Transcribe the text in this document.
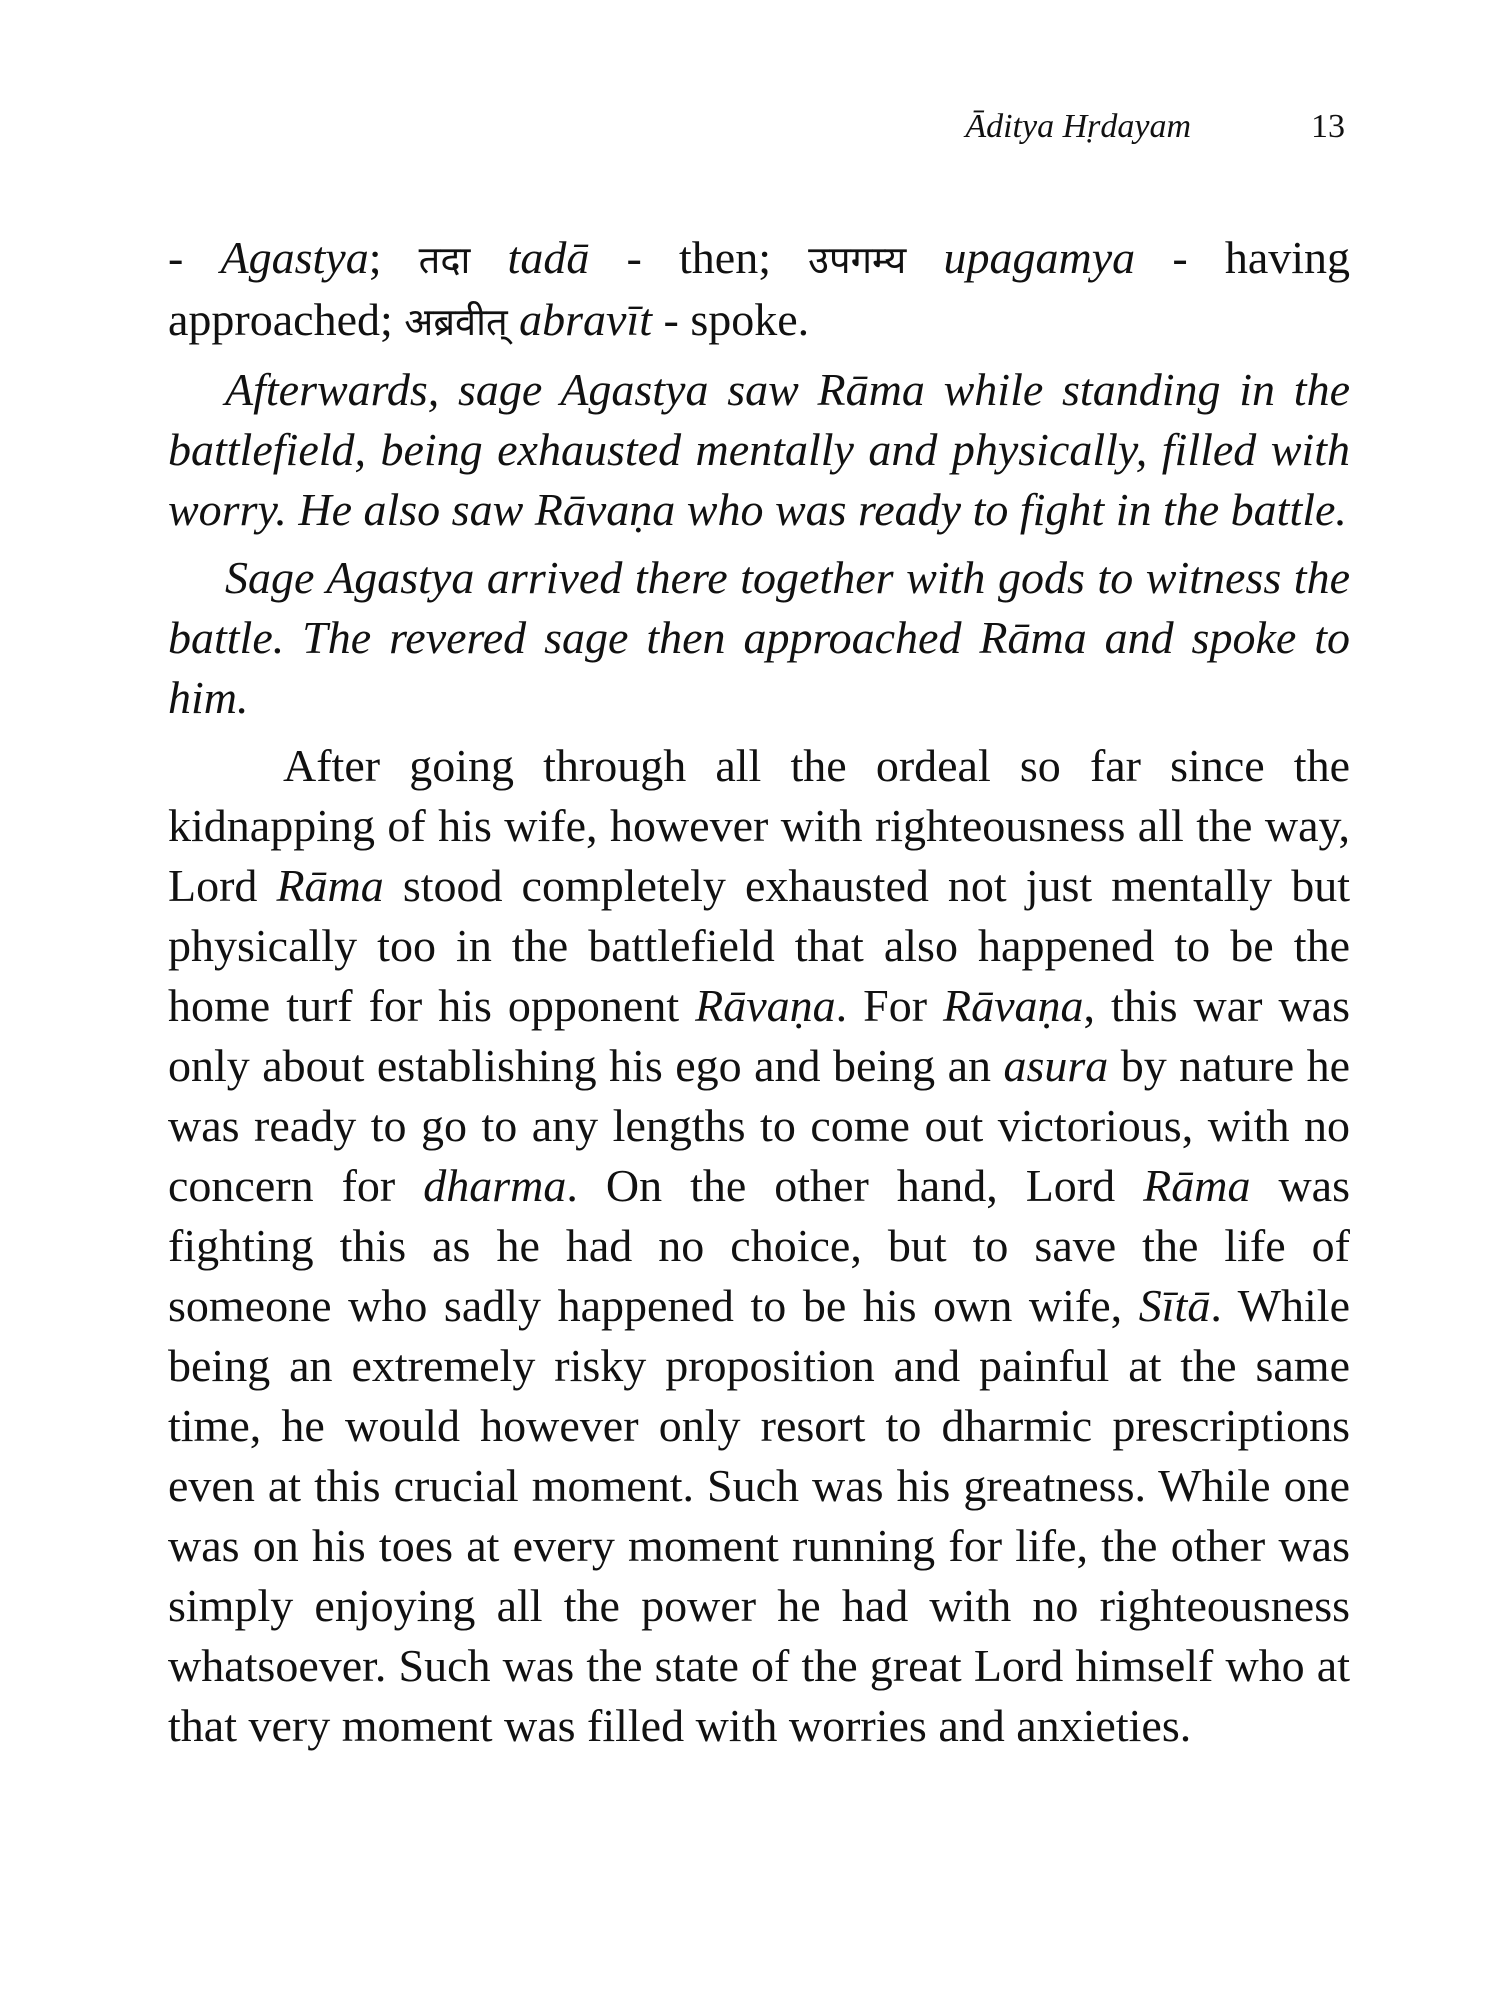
Āditya Hṛdayam	13

- Agastya; तदा tadā - then; उपगम्य upagamya - having approached; अब्रवीत् abravīt - spoke.

Afterwards, sage Agastya saw Rāma while standing in the battlefield, being exhausted mentally and physically, filled with worry. He also saw Rāvaṇa who was ready to fight in the battle.

Sage Agastya arrived there together with gods to witness the battle. The revered sage then approached Rāma and spoke to him.

After going through all the ordeal so far since the kidnapping of his wife, however with righteousness all the way, Lord Rāma stood completely exhausted not just mentally but physically too in the battlefield that also happened to be the home turf for his opponent Rāvaṇa. For Rāvaṇa, this war was only about establishing his ego and being an asura by nature he was ready to go to any lengths to come out victorious, with no concern for dharma. On the other hand, Lord Rāma was fighting this as he had no choice, but to save the life of someone who sadly happened to be his own wife, Sītā. While being an extremely risky proposition and painful at the same time, he would however only resort to dharmic prescriptions even at this crucial moment. Such was his greatness. While one was on his toes at every moment running for life, the other was simply enjoying all the power he had with no righteousness whatsoever. Such was the state of the great Lord himself who at that very moment was filled with worries and anxieties.
